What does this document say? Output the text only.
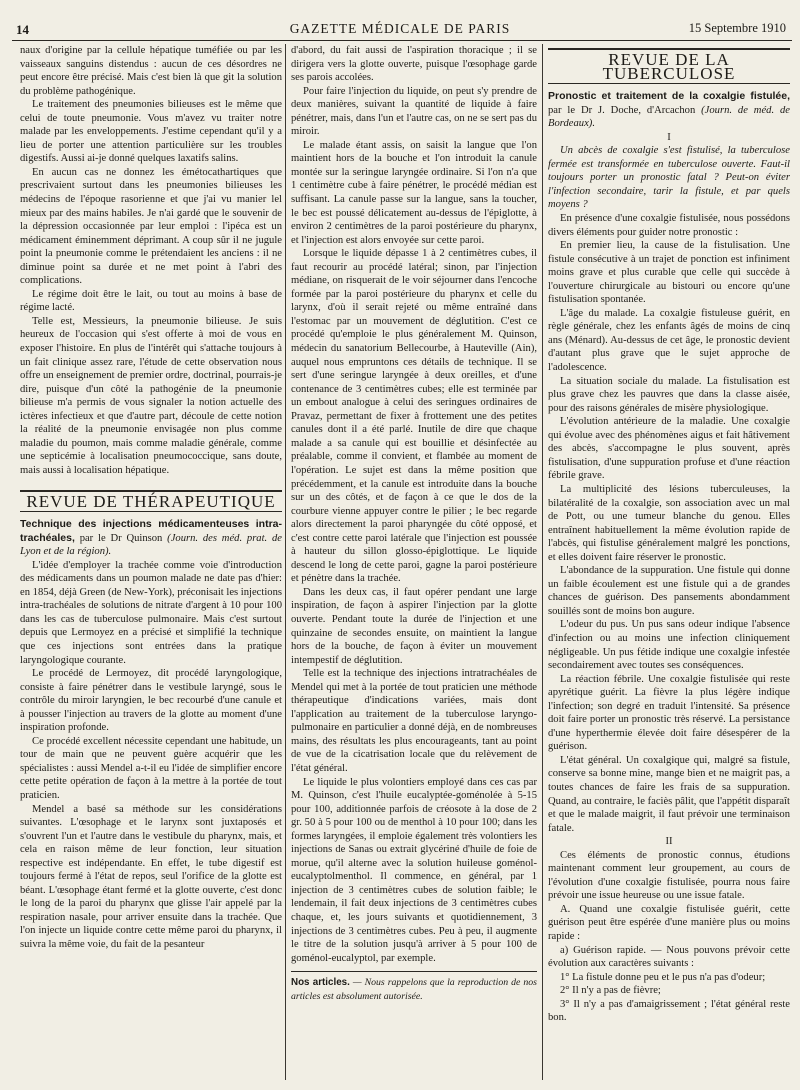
14	GAZETTE MÉDICALE DE PARIS	15 Septembre 1910

naux d'origine par la cellule hépatique tuméfiée ou par les vaisseaux sanguins distendus : aucun de ces désordres ne peut encore être précisé. Mais c'est bien là que git la solution du problème pathogénique.

Le traitement des pneumonies bilieuses est le même que celui de toute pneumonie. Vous m'avez vu traiter notre malade par les enveloppements. J'estime cependant qu'il y a lieu de porter une attention particulière sur les troubles digestifs. Aussi ai-je donné quelques laxatifs salins.

En aucun cas ne donnez les émétocathartiques que prescrivaient surtout dans les pneumonies bilieuses les médecins de l'époque rasorienne et que j'ai vu manier lel mieux par des mains habiles. Je n'ai gardé que le souvenir de la dépression occasionnée par leur emploi : l'ipéca est un médicament éminemment déprimant. A coup sûr il ne jugule point la pneumonie comme le prétendaient les anciens : il ne diminue point sa durée et ne met point à l'abri des complications.

Le régime doit être le lait, ou tout au moins à base de régime lacté.

Telle est, Messieurs, la pneumonie bilieuse. Je suis heureux de l'occasion qui s'est offerte à moi de vous en exposer l'histoire. En plus de l'intérêt qui s'attache toujours à un fait clinique assez rare, l'étude de cette observation nous offre un enseignement de premier ordre, doctrinal, pourrais-je dire, puisque d'un côté la pathogénie de la pneumonie bilieuse m'a permis de vous signaler la notion actuelle des ictères infectieux et que d'autre part, découle de cette notion la réalité de la pneumonie envisagée non plus comme maladie du poumon, mais comme maladie générale, comme une septicémie à localisation pneumococcique, sans doute, mais aussi à localisation hépatique.

REVUE DE THÉRAPEUTIQUE

Technique des injections médicamenteuses intra-trachéales, par le Dr Quinson (Journ. des méd. prat. de Lyon et de la région).

L'idée d'employer la trachée comme voie d'introduction des médicaments dans un poumon malade ne date pas d'hier: en 1854, déjà Green (de New-York), préconisait les injections intra-trachéales de solutions de nitrate d'argent à 10 pour 100 dans les cas de tuberculose pulmonaire. Mais c'est surtout depuis que Lermoyez en a précisé et simplifié la technique que ces injections sont entrées dans la pratique laryngologique courante.

Le procédé de Lermoyez, dit procédé laryngologique, consiste à faire pénétrer dans le vestibule laryngé, sous le contrôle du miroir laryngien, le bec recourbé d'une canule et à pousser l'injection au travers de la glotte au moment d'une inspiration profonde.

Ce procédé excellent nécessite cependant une habitude, un tour de main que ne peuvent guère acquérir que les spécialistes : aussi Mendel a-t-il eu l'idée de simplifier encore cette petite opération de façon à la mettre à la portée de tout praticien.

Mendel a basé sa méthode sur les considérations suivantes. L'œsophage et le larynx sont juxtaposés et s'ouvrent l'un et l'autre dans le vestibule du pharynx, mais, et cela en raison même de leur fonction, leur situation respective est indépendante. En effet, le tube digestif est toujours fermé à l'état de repos, seul l'orifice de la glotte est béant. L'œsophage étant fermé et la glotte ouverte, c'est donc le long de la paroi du pharynx que glisse l'air appelé par la respiration nasale, pour arriver ensuite dans la trachée. Que l'on injecte un liquide contre cette même paroi du pharynx, il suivra la même voie, du fait de la pesanteur

d'abord, du fait aussi de l'aspiration thoracique ; il se dirigera vers la glotte ouverte, puisque l'œsophage garde ses parois accolées.

Pour faire l'injection du liquide, on peut s'y prendre de deux manières, suivant la quantité de liquide à faire pénétrer, mais, dans l'un et l'autre cas, on ne se sert pas du miroir.

Le malade étant assis, on saisit la langue que l'on maintient hors de la bouche et l'on introduit la canule montée sur la seringue laryngée ordinaire. Si l'on n'a que 1 centimètre cube à faire pénétrer, le procédé médian est suffisant. La canule passe sur la langue, sans la toucher, le bec est poussé délicatement au-dessus de l'épiglotte, à environ 2 centimètres de la paroi postérieure du pharynx, et l'injection est alors envoyée sur cette paroi.

Lorsque le liquide dépasse 1 à 2 centimètres cubes, il faut recourir au procédé latéral; sinon, par l'injection médiane, on risquerait de le voir séjourner dans l'encoche formée par la paroi postérieure du pharynx et celle du larynx, d'où il serait rejeté ou même entraîné dans l'estomac par un mouvement de déglutition. C'est ce procédé qu'emploie le plus généralement M. Quinson, médecin du sanatorium Bellecourbe, à Hauteville (Ain), auquel nous empruntons ces détails de technique. Il se sert d'une seringue laryngée à deux oreilles, et d'une contenance de 3 centimètres cubes; elle est terminée par un embout analogue à celui des seringues ordinaires de Pravaz, permettant de fixer à frottement une des petites canules dont il a été parlé. Inutile de dire que chaque malade a sa canule qui est bouillie et désinfectée au préalable, comme il convient, et flambée au moment de l'opération. Le sujet est dans la même position que précédemment, et la canule est introduite dans la bouche sur un des côtés, et de façon à ce que le dos de la courbure vienne appuyer contre le pilier ; le bec regarde alors directement la paroi pharyngée du côté opposé, et c'est contre cette paroi latérale que l'injection est poussée à hauteur du sillon glosso-épiglottique. Le liquide descend le long de cette paroi, gagne la paroi postérieure et pénètre dans la trachée.

Dans les deux cas, il faut opérer pendant une large inspiration, de façon à aspirer l'injection par la glotte ouverte. Pendant toute la durée de l'injection et une quinzaine de secondes ensuite, on maintient la langue hors de la bouche, de façon à éviter un mouvement intempestif de déglutition.

Telle est la technique des injections intratrachéales de Mendel qui met à la portée de tout praticien une méthode thérapeutique d'indications variées, mais dont l'application au traitement de la tuberculose laryngo-pulmonaire en particulier a donné déjà, en de nombreuses mains, des résultats les plus encourageants, tant au point de vue de la cicatrisation locale que du relèvement de l'état général.

Le liquide le plus volontiers employé dans ces cas par M. Quinson, c'est l'huile eucalyptée-goménolée à 5-15 pour 100, additionnée parfois de créosote à la dose de 2 gr. 50 à 5 pour 100 ou de menthol à 10 pour 100; dans les formes laryngées, il emploie également très volontiers les injections de Sanas ou extrait glycériné d'huile de foie de morue, qu'il alterne avec la solution huileuse goménol-eucalyptolmenthol. Il commence, en général, par 1 injection de 3 centimètres cubes de solution faible; le lendemain, il fait deux injections de 3 centimètres cubes chaque, et, les jours suivants et quotidiennement, 3 injections de 3 centimètres cubes. Peu à peu, il augmente le titre de la solution jusqu'à arriver à 5 pour 100 de goménol-eucalyptol, par exemple.

Nos articles. — Nous rappelons que la reproduction de nos articles est absolument autorisée.
REVUE DE LA TUBERCULOSE

Pronostic et traitement de la coxalgie fistulée, par le Dr J. Doche, d'Arcachon (Journ. de méd. de Bordeaux).

I

Un abcès de coxalgie s'est fistulisé, la tuberculose fermée est transformée en tuberculose ouverte. Faut-il toujours porter un pronostic fatal ? Peut-on éviter l'infection secondaire, tarir la fistule, et par quels moyens ?

En présence d'une coxalgie fistulisée, nous possédons divers éléments pour guider notre pronostic :

En premier lieu, la cause de la fistulisation. Une fistule consécutive à un trajet de ponction est infiniment moins grave et plus curable que celle qui succède à l'ouverture chirurgicale au bistouri ou encore qu'une fistulisation spontanée.

L'âge du malade. La coxalgie fistuleuse guérit, en règle générale, chez les enfants âgés de moins de cinq ans (Ménard). Au-dessus de cet âge, le pronostic devient d'autant plus grave que le sujet approche de l'adolescence.

La situation sociale du malade. La fistulisation est plus grave chez les pauvres que dans la classe aisée, pour des raisons générales de misère physiologique.

L'évolution antérieure de la maladie. Une coxalgie qui évolue avec des phénomènes aigus et fait hâtivement des abcès, s'accompagne le plus souvent, après fistulisation, d'une suppuration profuse et d'une réaction fébrile grave.

La multiplicité des lésions tuberculeuses, la bilatéralité de la coxalgie, son association avec un mal de Pott, ou une tumeur blanche du genou. Elles entraînent habituellement la même évolution rapide de l'abcès, qui fistulise généralement malgré les ponctions, et elles doivent faire réserver le pronostic.

L'abondance de la suppuration. Une fistule qui donne un faible écoulement est une fistule qui a de grandes chances de guérison. Des pansements abondamment souillés sont de moins bon augure.

L'odeur du pus. Un pus sans odeur indique l'absence d'infection ou au moins une infection cliniquement négligeable. Un pus fétide indique une coxalgie infestée secondairement avec toutes ses conséquences.

La réaction fébrile. Une coxalgie fistulisée qui reste apyrétique guérit. La fièvre la plus légère indique l'infection; son degré en traduit l'intensité. Sa présence doit faire porter un pronostic très réservé. La persistance d'une hyperthermie élevée doit faire désespérer de la guérison.

L'état général. Un coxalgique qui, malgré sa fistule, conserve sa bonne mine, mange bien et ne maigrit pas, a toutes chances de faire les frais de sa suppuration. Quand, au contraire, le faciès pâlit, que l'appétit disparaît et que le malade maigrit, il faut prévoir une terminaison fatale.

II

Ces éléments de pronostic connus, étudions maintenant comment leur groupement, au cours de l'évolution d'une coxalgie fistulisée, pourra nous faire prévoir une issue heureuse ou une issue fatale.

A. Quand une coxalgie fistulisée guérit, cette guérison peut être espérée d'une manière plus ou moins rapide :

a) Guérison rapide. — Nous pouvons prévoir cette évolution aux caractères suivants :

1° La fistule donne peu et le pus n'a pas d'odeur;

2° Il n'y a pas de fièvre;

3° Il n'y a pas d'amaigrissement ; l'état général reste bon.
